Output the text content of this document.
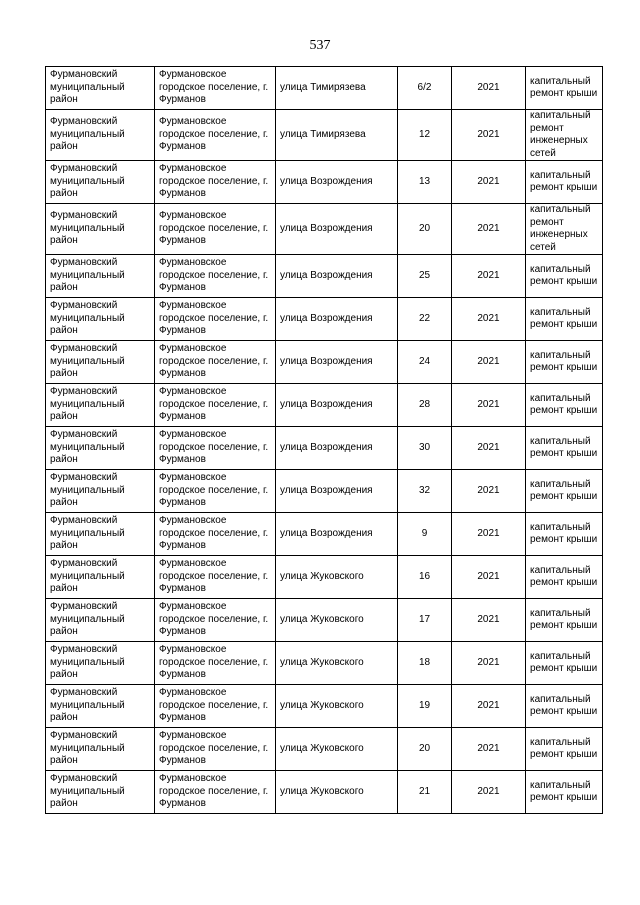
537
Фурмановский муниципальный район	Фурмановское городское поселение, г. Фурманов	улица Тимирязева	6/2	2021	капитальный ремонт крыши
Фурмановский муниципальный район	Фурмановское городское поселение, г. Фурманов	улица Тимирязева	12	2021	капитальный ремонт инженерных сетей
Фурмановский муниципальный район	Фурмановское городское поселение, г. Фурманов	улица Возрождения	13	2021	капитальный ремонт крыши
Фурмановский муниципальный район	Фурмановское городское поселение, г. Фурманов	улица Возрождения	20	2021	капитальный ремонт инженерных сетей
Фурмановский муниципальный район	Фурмановское городское поселение, г. Фурманов	улица Возрождения	25	2021	капитальный ремонт крыши
Фурмановский муниципальный район	Фурмановское городское поселение, г. Фурманов	улица Возрождения	22	2021	капитальный ремонт крыши
Фурмановский муниципальный район	Фурмановское городское поселение, г. Фурманов	улица Возрождения	24	2021	капитальный ремонт крыши
Фурмановский муниципальный район	Фурмановское городское поселение, г. Фурманов	улица Возрождения	28	2021	капитальный ремонт крыши
Фурмановский муниципальный район	Фурмановское городское поселение, г. Фурманов	улица Возрождения	30	2021	капитальный ремонт крыши
Фурмановский муниципальный район	Фурмановское городское поселение, г. Фурманов	улица Возрождения	32	2021	капитальный ремонт крыши
Фурмановский муниципальный район	Фурмановское городское поселение, г. Фурманов	улица Возрождения	9	2021	капитальный ремонт крыши
Фурмановский муниципальный район	Фурмановское городское поселение, г. Фурманов	улица Жуковского	16	2021	капитальный ремонт крыши
Фурмановский муниципальный район	Фурмановское городское поселение, г. Фурманов	улица Жуковского	17	2021	капитальный ремонт крыши
Фурмановский муниципальный район	Фурмановское городское поселение, г. Фурманов	улица Жуковского	18	2021	капитальный ремонт крыши
Фурмановский муниципальный район	Фурмановское городское поселение, г. Фурманов	улица Жуковского	19	2021	капитальный ремонт крыши
Фурмановский муниципальный район	Фурмановское городское поселение, г. Фурманов	улица Жуковского	20	2021	капитальный ремонт крыши
Фурмановский муниципальный район	Фурмановское городское поселение, г. Фурманов	улица Жуковского	21	2021	капитальный ремонт крыши
